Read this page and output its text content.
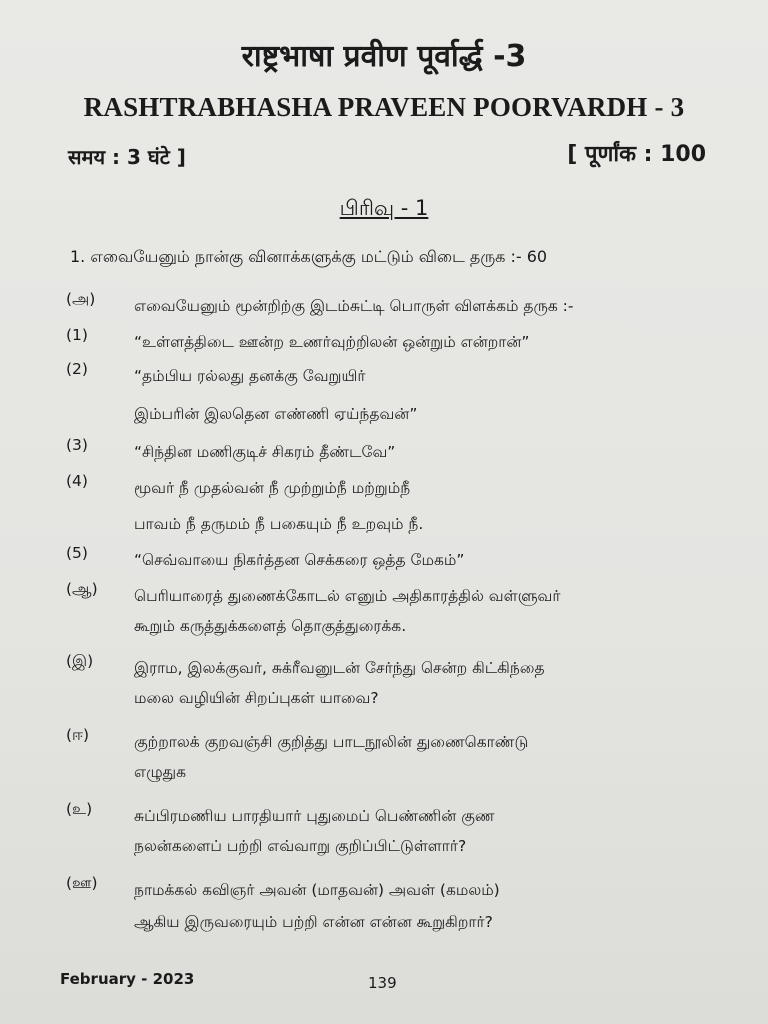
राष्ट्रभाषा प्रवीण पूर्वार्द्ध -3
RASHTRABHASHA PRAVEEN POORVARDH - 3
समय : 3 घंटे ]	[ पूर्णांक : 100
பிரிவு - 1
1. எவையேனும் நான்கு வினாக்களுக்கு மட்டும் விடை தருக :- 60
(அ)	எவையேனும் மூன்றிற்கு இடம்சுட்டி பொருள் விளக்கம் தருக :-
(1)	“உள்ளத்திடை ஊன்ற உணர்வுற்றிலன் ஒன்றும் என்றான்”
(2)	“தம்பிய ரல்லது தனக்கு வேறுயிர்
இம்பரின் இலதென எண்ணி ஏய்ந்தவன்”
(3)	“சிந்தின மணிகுடிச் சிகரம் தீண்டவே”
(4)	மூவர் நீ முதல்வன் நீ முற்றும்நீ மற்றும்நீ
பாவம் நீ தருமம் நீ பகையும் நீ உறவும் நீ.
(5)	“செவ்வாயை நிகர்த்தன செக்கரை ஒத்த மேகம்”
(ஆ)	பெரியாரைத் துணைக்கோடல் எனும் அதிகாரத்தில் வள்ளுவர்
கூறும் கருத்துக்களைத் தொகுத்துரைக்க.
(இ)	இராம, இலக்குவர், சுக்ரீவனுடன் சேர்ந்து சென்ற கிட்கிந்தை
மலை வழியின் சிறப்புகள் யாவை?
(ஈ)	குற்றாலக் குறவஞ்சி குறித்து பாடநூலின் துணைகொண்டு
எழுதுக
(உ)	சுப்பிரமணிய பாரதியார் புதுமைப் பெண்ணின் குண
நலன்களைப் பற்றி எவ்வாறு குறிப்பிட்டுள்ளார்?
(ஊ)	நாமக்கல் கவிஞர் அவன் (மாதவன்) அவள் (கமலம்)
ஆகிய இருவரையும் பற்றி என்ன என்ன கூறுகிறார்?
February - 2023	139
